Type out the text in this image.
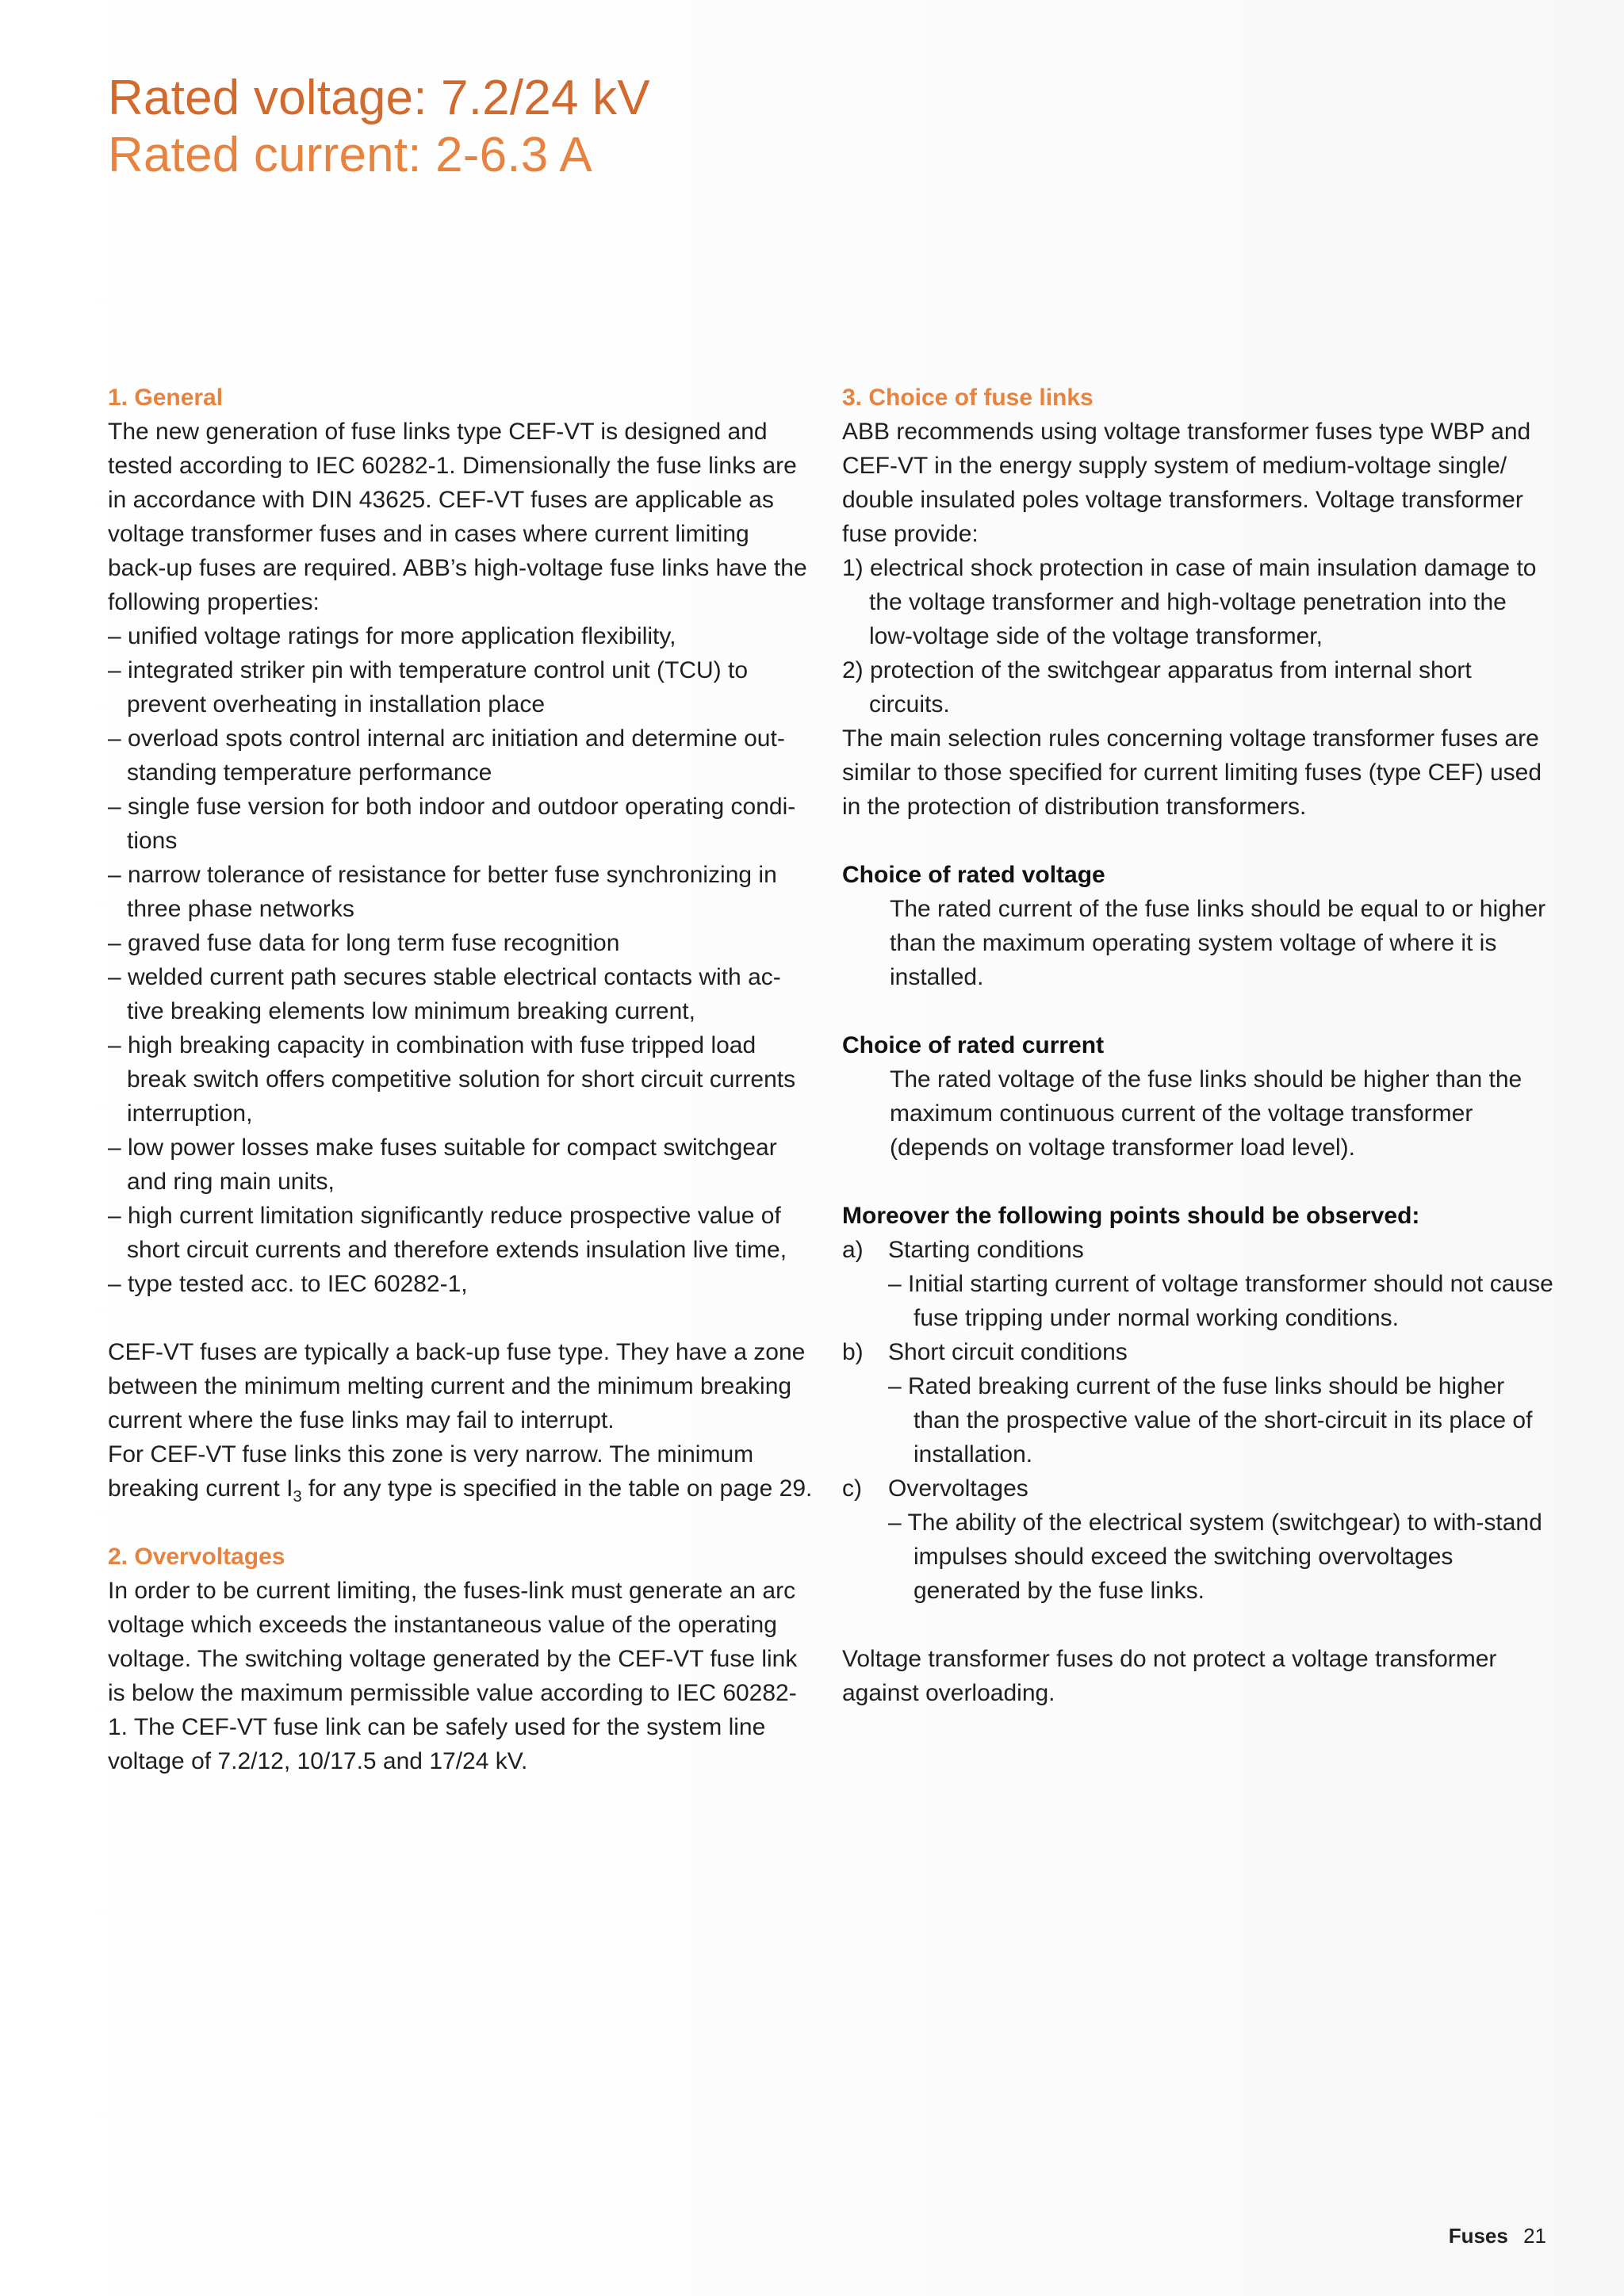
Rated voltage: 7.2/24 kV
Rated current: 2-6.3 A
1. General

The new generation of fuse links type CEF-VT is designed and tested according to IEC 60282-1. Dimensionally the fuse links are in accordance with DIN 43625. CEF-VT fuses are applicable as voltage transformer fuses and in cases where current limiting back-up fuses are required. ABB’s high-voltage fuse links have the following properties:

– unified voltage ratings for more application flexibility,
– integrated striker pin with temperature control unit (TCU) to prevent overheating in installation place
– overload spots control internal arc initiation and determine out-standing temperature performance
– single fuse version for both indoor and outdoor operating condi-tions
– narrow tolerance of resistance for better fuse synchronizing in three phase networks
– graved fuse data for long term fuse recognition
– welded current path secures stable electrical contacts with ac-tive breaking elements low minimum breaking current,
– high breaking capacity in combination with fuse tripped load break switch offers competitive solution for short circuit currents interruption,
– low power losses make fuses suitable for compact switchgear and ring main units,
– high current limitation significantly reduce prospective value of short circuit currents and therefore extends insulation live time,
– type tested acc. to IEC 60282-1,

CEF-VT fuses are typically a back-up fuse type. They have a zone between the minimum melting current and the minimum breaking current where the fuse links may fail to interrupt.

For CEF-VT fuse links this zone is very narrow. The minimum breaking current $I_3$ for any type is specified in the table on page 29.

2. Overvoltages

In order to be current limiting, the fuses-link must generate an arc voltage which exceeds the instantaneous value of the operating voltage. The switching voltage generated by the CEF-VT fuse link is below the maximum permissible value according to IEC 60282-1. The CEF-VT fuse link can be safely used for the system line voltage of 7.2/12, 10/17.5 and 17/24 kV.

3. Choice of fuse links

ABB recommends using voltage transformer fuses type WBP and CEF-VT in the energy supply system of medium-voltage single/ double insulated poles voltage transformers. Voltage transformer fuse provide:

1) electrical shock protection in case of main insulation damage to the voltage transformer and high-voltage penetration into the low-voltage side of the voltage transformer,
2) protection of the switchgear apparatus from internal short circuits.

The main selection rules concerning voltage transformer fuses are similar to those specified for current limiting fuses (type CEF) used in the protection of distribution transformers.

Choice of rated voltage
The rated current of the fuse links should be equal to or higher than the maximum operating system voltage of where it is installed.
Choice of rated current
The rated voltage of the fuse links should be higher than the maximum continuous current of the voltage transformer (depends on voltage transformer load level).
Moreover the following points should be observed:
a)	Starting conditions
– Initial starting current of voltage transformer should not cause fuse tripping under normal working conditions.
b)	Short circuit conditions
– Rated breaking current of the fuse links should be higher than the prospective value of the short-circuit in its place of installation.
c)	Overvoltages
– The ability of the electrical system (switchgear) to with-stand impulses should exceed the switching overvoltages generated by the fuse links.

Voltage transformer fuses do not protect a voltage transformer against overloading.

Fuses 21
